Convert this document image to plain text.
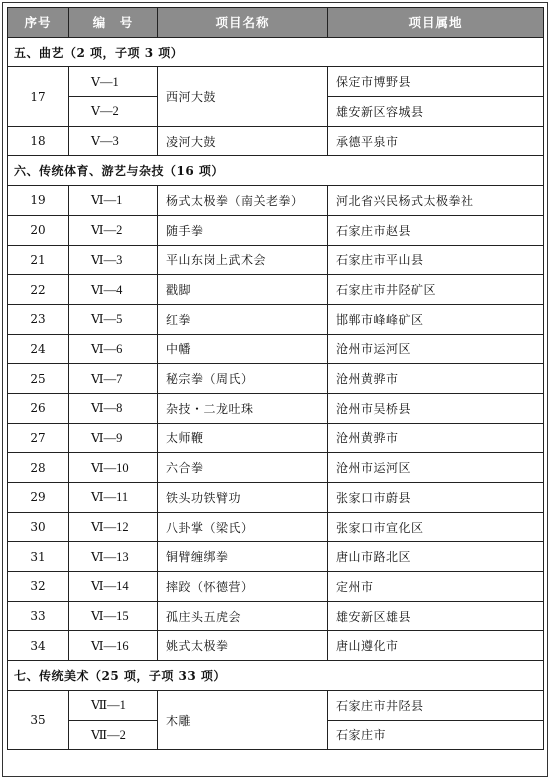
序号	编　号	项目名称	项目属地
五、曲艺（2 项，子项 3 项）			
17	Ⅴ—1	西河大鼓	保定市博野县
	Ⅴ—2		雄安新区容城县
18	Ⅴ—3	凌河大鼓	承德平泉市
六、传统体育、游艺与杂技（16 项）			
19	Ⅵ—1	杨式太极拳（南关老拳）	河北省兴民杨式太极拳社
20	Ⅵ—2	随手拳	石家庄市赵县
21	Ⅵ—3	平山东岗上武术会	石家庄市平山县
22	Ⅵ—4	戳脚	石家庄市井陉矿区
23	Ⅵ—5	红拳	邯郸市峰峰矿区
24	Ⅵ—6	中幡	沧州市运河区
25	Ⅵ—7	秘宗拳（周氏）	沧州黄骅市
26	Ⅵ—8	杂技・二龙吐珠	沧州市吴桥县
27	Ⅵ—9	太师鞭	沧州黄骅市
28	Ⅵ—10	六合拳	沧州市运河区
29	Ⅵ—11	铁头功铁臂功	张家口市蔚县
30	Ⅵ—12	八卦掌（梁氏）	张家口市宣化区
31	Ⅵ—13	铜臂缠绑拳	唐山市路北区
32	Ⅵ—14	摔跤（怀德营）	定州市
33	Ⅵ—15	孤庄头五虎会	雄安新区雄县
34	Ⅵ—16	姚式太极拳	唐山遵化市
七、传统美术（25 项，子项 33 项）			
35	Ⅶ—1	木雕	石家庄市井陉县
	Ⅶ—2		石家庄市
